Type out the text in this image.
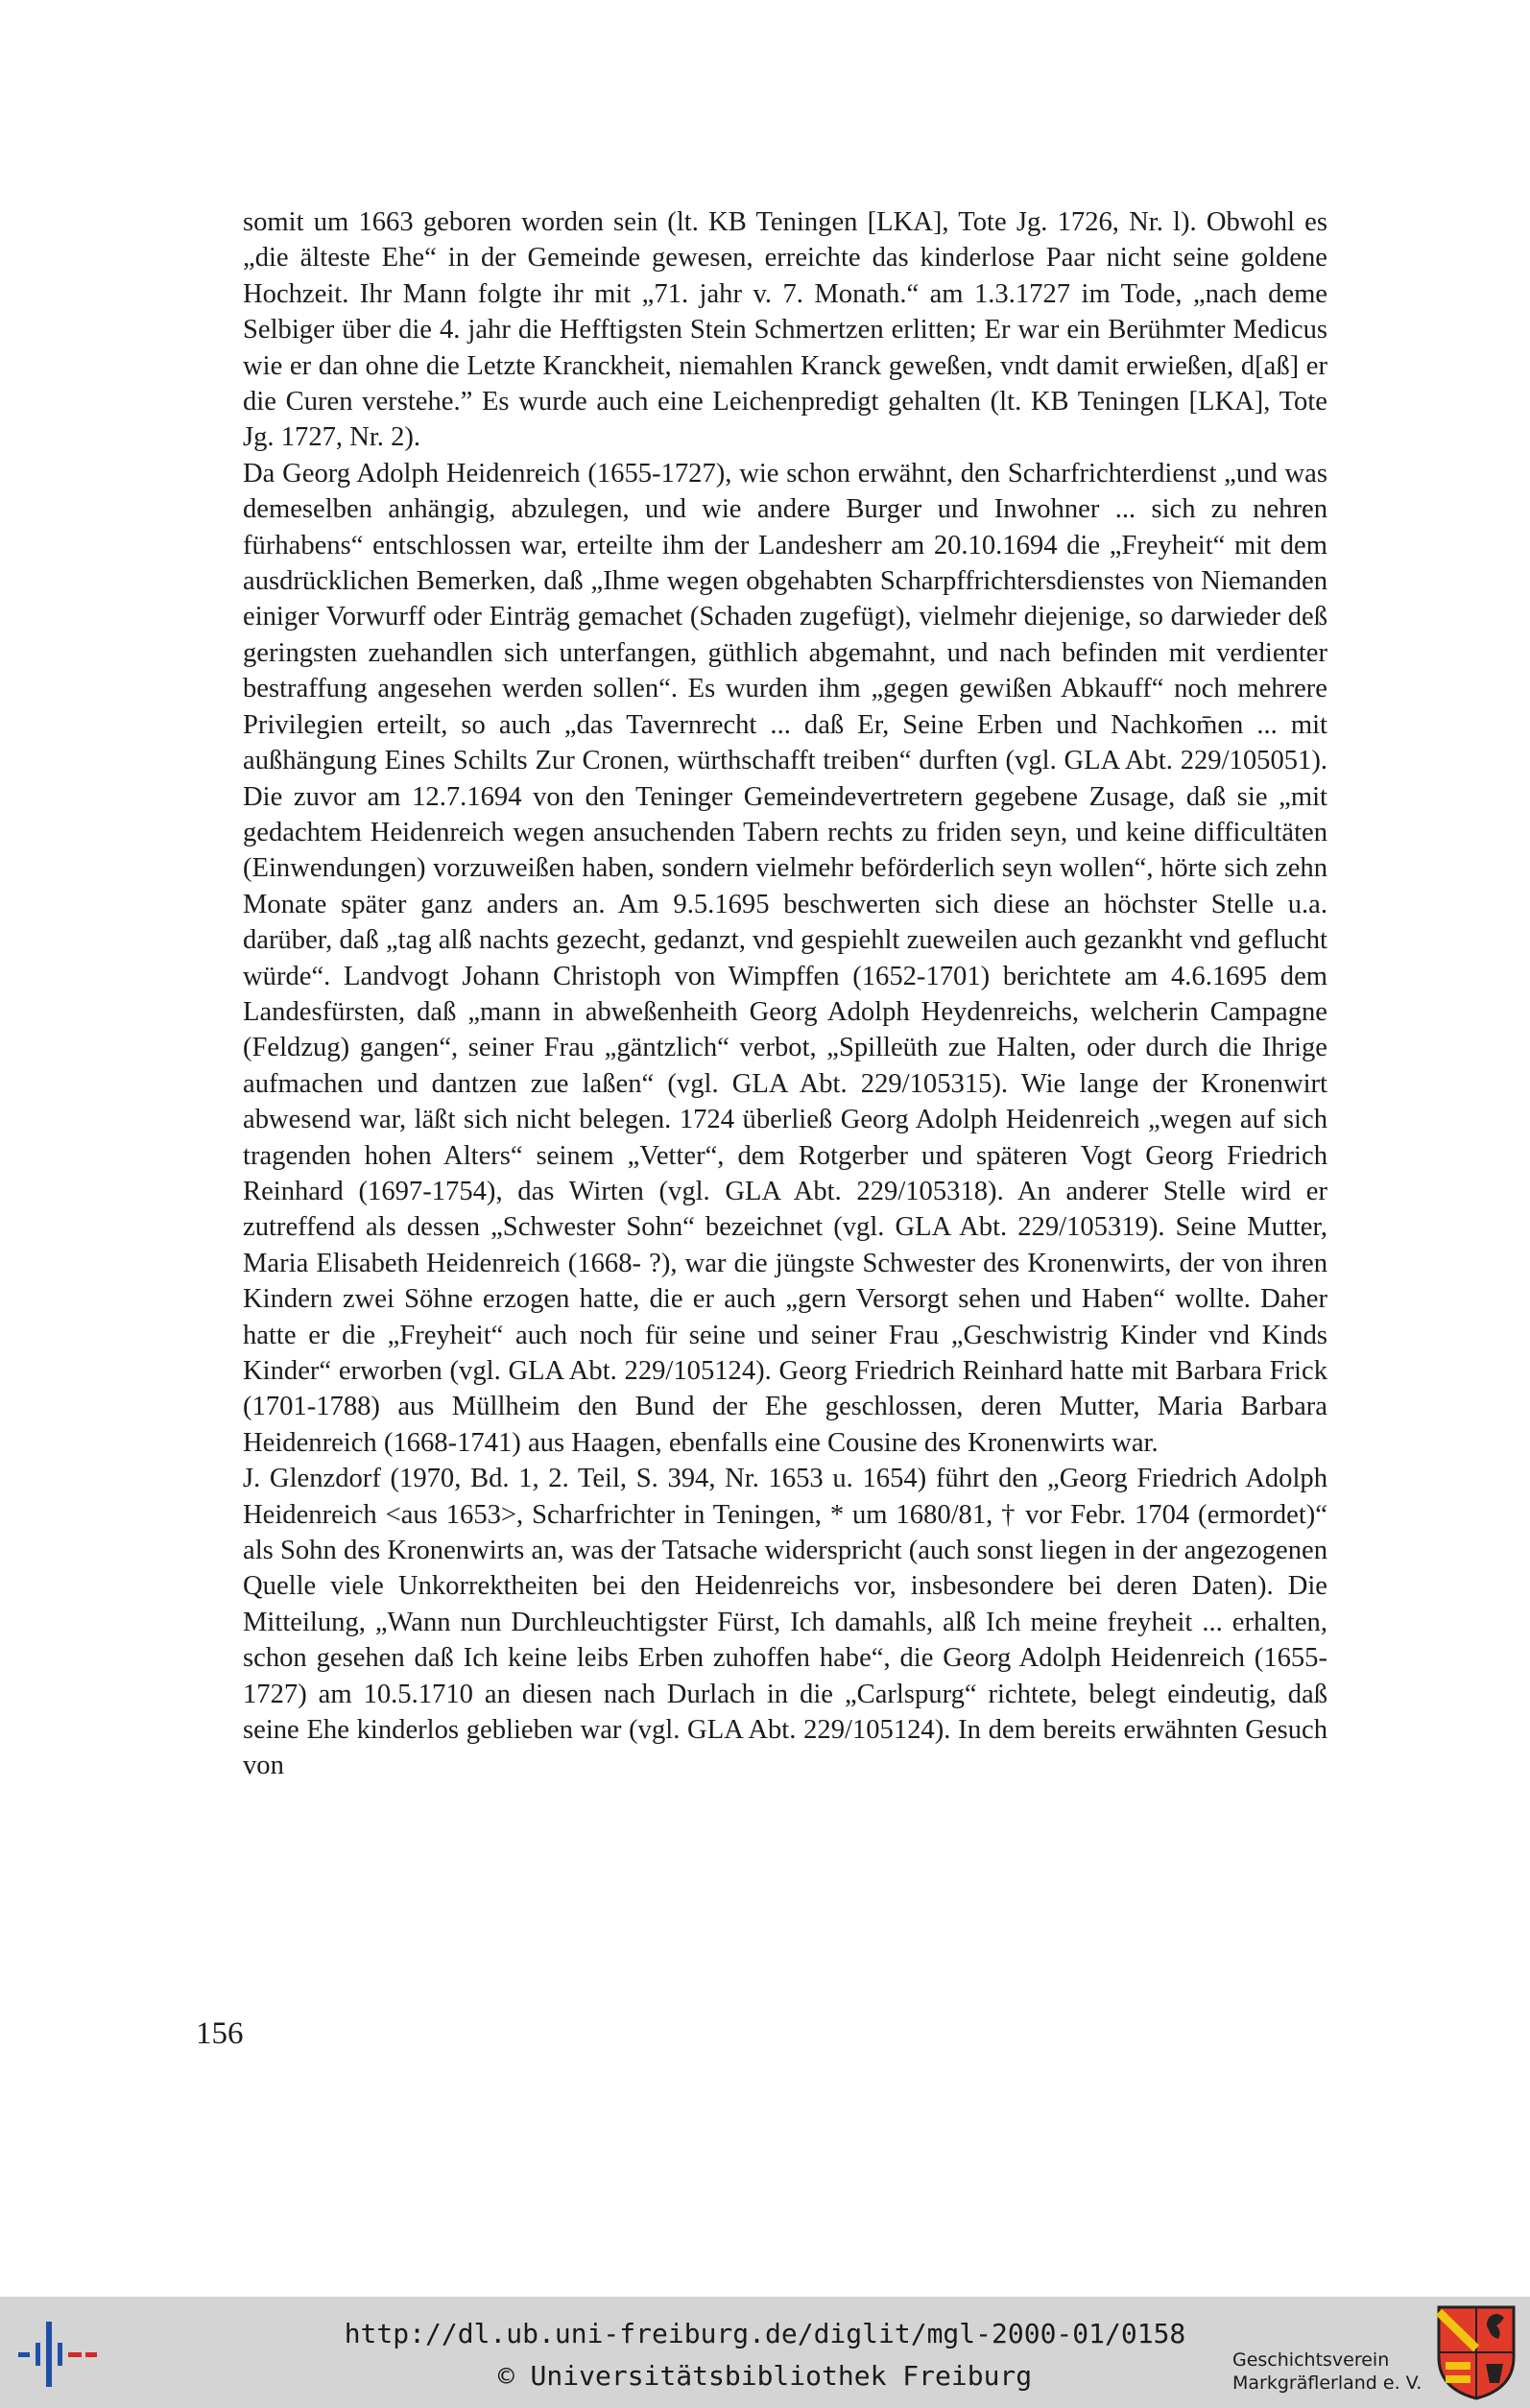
somit um 1663 geboren worden sein (lt. KB Teningen [LKA], Tote Jg. 1726, Nr. l). Obwohl es „die älteste Ehe“ in der Gemeinde gewesen, erreichte das kinderlose Paar nicht seine goldene Hochzeit. Ihr Mann folgte ihr mit „71. jahr v. 7. Monath.“ am 1.3.1727 im Tode, „nach deme Selbiger über die 4. jahr die Hefftigsten Stein Schmertzen erlitten; Er war ein Berühmter Medicus wie er dan ohne die Letzte Kranckheit, niemahlen Kranck geweßen, vndt damit erwießen, d[aß] er die Curen verstehe.” Es wurde auch eine Leichenpredigt gehalten (lt. KB Teningen [LKA], Tote Jg. 1727, Nr. 2).

Da Georg Adolph Heidenreich (1655-1727), wie schon erwähnt, den Scharfrichterdienst „und was demeselben anhängig, abzulegen, und wie andere Burger und Inwohner ... sich zu nehren fürhabens“ entschlossen war, erteilte ihm der Landesherr am 20.10.1694 die „Freyheit“ mit dem ausdrücklichen Bemerken, daß „Ihme wegen obgehabten Scharpffrichtersdienstes von Niemanden einiger Vorwurff oder Einträg gemachet (Schaden zugefügt), vielmehr diejenige, so darwieder deß geringsten zuehandlen sich unterfangen, güthlich abgemahnt, und nach befinden mit verdienter bestraffung angesehen werden sollen“. Es wurden ihm „gegen gewißen Abkauff“ noch mehrere Privilegien erteilt, so auch „das Tavernrecht ... daß Er, Seine Erben und Nachkom̄en ... mit außhängung Eines Schilts Zur Cronen, würthschafft treiben“ durften (vgl. GLA Abt. 229/105051). Die zuvor am 12.7.1694 von den Teninger Gemeindevertretern gegebene Zusage, daß sie „mit gedachtem Heidenreich wegen ansuchenden Tabern rechts zu friden seyn, und keine difficultäten (Einwendungen) vorzuweißen haben, sondern vielmehr beförderlich seyn wollen“, hörte sich zehn Monate später ganz anders an. Am 9.5.1695 beschwerten sich diese an höchster Stelle u.a. darüber, daß „tag alß nachts gezecht, gedanzt, vnd gespiehlt zueweilen auch gezankht vnd geflucht würde“. Landvogt Johann Christoph von Wimpffen (1652-1701) berichtete am 4.6.1695 dem Landesfürsten, daß „mann in abweßenheith Georg Adolph Heydenreichs, welcherin Campagne (Feldzug) gangen“, seiner Frau „gäntzlich“ verbot, „Spilleüth zue Halten, oder durch die Ihrige aufmachen und dantzen zue laßen“ (vgl. GLA Abt. 229/105315). Wie lange der Kronenwirt abwesend war, läßt sich nicht belegen. 1724 überließ Georg Adolph Heidenreich „wegen auf sich tragenden hohen Alters“ seinem „Vetter“, dem Rotgerber und späteren Vogt Georg Friedrich Reinhard (1697-1754), das Wirten (vgl. GLA Abt. 229/105318). An anderer Stelle wird er zutreffend als dessen „Schwester Sohn“ bezeichnet (vgl. GLA Abt. 229/105319). Seine Mutter, Maria Elisabeth Heidenreich (1668- ?), war die jüngste Schwester des Kronenwirts, der von ihren Kindern zwei Söhne erzogen hatte, die er auch „gern Versorgt sehen und Haben“ wollte. Daher hatte er die „Freyheit“ auch noch für seine und seiner Frau „Geschwistrig Kinder vnd Kinds Kinder“ erworben (vgl. GLA Abt. 229/105124). Georg Friedrich Reinhard hatte mit Barbara Frick (1701-1788) aus Müllheim den Bund der Ehe geschlossen, deren Mutter, Maria Barbara Heidenreich (1668-1741) aus Haagen, ebenfalls eine Cousine des Kronenwirts war.

J. Glenzdorf (1970, Bd. 1, 2. Teil, S. 394, Nr. 1653 u. 1654) führt den „Georg Friedrich Adolph Heidenreich <aus 1653>, Scharfrichter in Teningen, * um 1680/81, † vor Febr. 1704 (ermordet)“ als Sohn des Kronenwirts an, was der Tatsache widerspricht (auch sonst liegen in der angezogenen Quelle viele Unkorrektheiten bei den Heidenreichs vor, insbesondere bei deren Daten). Die Mitteilung, „Wann nun Durchleuchtigster Fürst, Ich damahls, alß Ich meine freyheit ... erhalten, schon gesehen daß Ich keine leibs Erben zuhoffen habe“, die Georg Adolph Heidenreich (1655-1727) am 10.5.1710 an diesen nach Durlach in die „Carlspurg“ richtete, belegt eindeutig, daß seine Ehe kinderlos geblieben war (vgl. GLA Abt. 229/105124). In dem bereits erwähnten Gesuch von

156
http://dl.ub.uni-freiburg.de/diglit/mgl-2000-01/0158
© Universitätsbibliothek Freiburg	Geschichtsverein
Markgräflerland e. V.
